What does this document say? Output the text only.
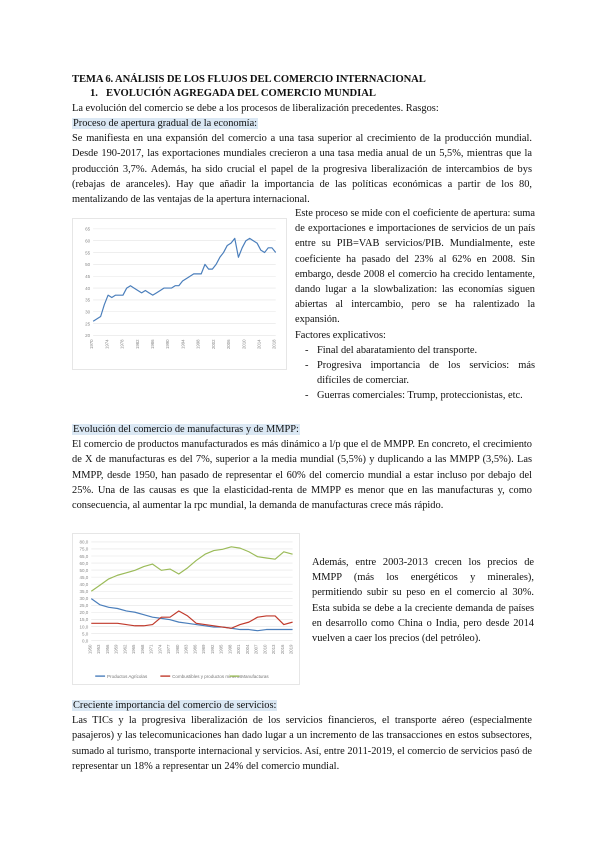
TEMA 6. ANÁLISIS DE LOS FLUJOS DEL COMERCIO INTERNACIONAL
1. EVOLUCIÓN AGREGADA DEL COMERCIO MUNDIAL
La evolución del comercio se debe a los procesos de liberalización precedentes. Rasgos:
Proceso de apertura gradual de la economía:
Se manifiesta en una expansión del comercio a una tasa superior al crecimiento de la producción mundial. Desde 190-2017, las exportaciones mundiales crecieron a una tasa media anual de un 5,5%, mientras que la producción 3,7%. Además, ha sido crucial el papel de la progresiva liberalización de intercambios de bys (rebajas de aranceles). Hay que añadir la importancia de las políticas económicas a partir de los 80, mentalizando de las ventajas de la apertura internacional.
65
60
55
50
45
40
35
30
25
20
1970 1974 1978 1982 1986 1990 1994 1998 2002 2006 2010 2014 2018
Este proceso se mide con el coeficiente de apertura: suma de exportaciones e importaciones de servicios de un país entre su PIB=VAB servicios/PIB. Mundialmente, este coeficiente ha pasado del 23% al 62% en 2008. Sin embargo, desde 2008 el comercio ha crecido lentamente, dando lugar a la slowbalization: las economías siguen abiertas al intercambio, pero se ha ralentizado la expansión.
Factores explicativos:
- Final del abaratamiento del transporte.
- Progresiva importancia de los servicios: más difíciles de comerciar.
- Guerras comerciales: Trump, proteccionistas, etc.
Evolución del comercio de manufacturas y de MMPP:
El comercio de productos manufacturados es más dinámico a l/p que el de MMPP. En concreto, el crecimiento de X de manufacturas es del 7%, superior a la media mundial (5,5%) y duplicando a las MMPP (3,5%). Las MMPP, desde 1950, han pasado de representar el 60% del comercio mundial a estar incluso por debajo del 25%. Una de las causas es que la elasticidad-renta de MMPP es menor que en las manufacturas y, como consecuencia, al aumentar la rpc mundial, la demanda de manufacturas crece más rápido.
80,0
75,0
65,0
60,0
50,0
45,0
40,0
35,0
30,0
25,0
20,0
15,0
10,0
5,0
0,0
1950 1953 1956 1959 1962 1965 1968 1971 1974 1977 1980 1983 1986 1989 1992 1995 1998 2001 2004 2007 2010 2013 2016 2019
Productos Agrícolas	Combustibles y productos mineros Manufacturas
Además, entre 2003-2013 crecen los precios de MMPP (más los energéticos y minerales), permitiendo subir su peso en el comercio al 30%. Esta subida se debe a la creciente demanda de países en desarrollo como China o India, pero desde 2014 vuelven a caer los precios (del petróleo).
Creciente importancia del comercio de servicios:
Las TICs y la progresiva liberalización de los servicios financieros, el transporte aéreo (especialmente pasajeros) y las telecomunicaciones han dado lugar a un incremento de las transacciones en estos subsectores, sumado al turismo, transporte internacional y servicios. Así, entre 2011-2019, el comercio de servicios pasó de representar un 18% a representar un 24% del comercio mundial.
